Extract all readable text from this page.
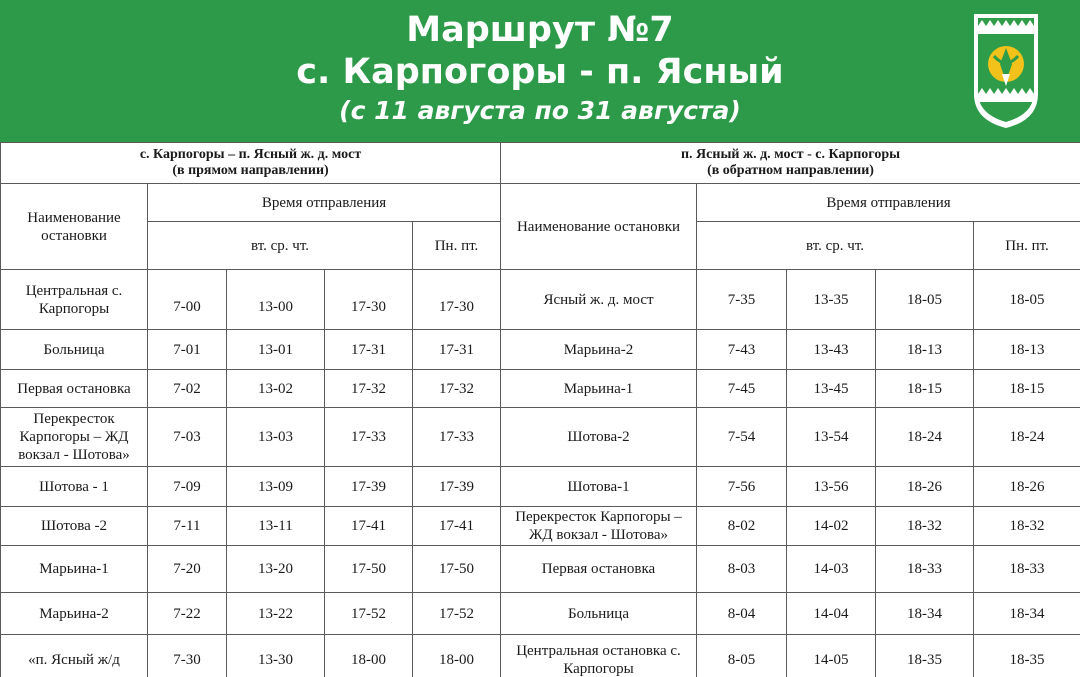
Маршрут №7
с. Карпогоры - п. Ясный
(с 11 августа по 31 августа)
с. Карпогоры – п. Ясный ж. д. мост
(в прямом направлении)				

Наименование остановки	Время отправления			
	вт. ср. чт.			Пн. пт.
Центральная с. Карпогоры	7-00	13-00	17-30	17-30
Больница	7-01	13-01	17-31	17-31
Первая остановка	7-02	13-02	17-32	17-32
Перекресток Карпогоры – ЖД вокзал - Шотова»	7-03	13-03	17-33	17-33
Шотова - 1	7-09	13-09	17-39	17-39
Шотова -2	7-11	13-11	17-41	17-41
Марьина-1	7-20	13-20	17-50	17-50
Марьина-2	7-22	13-22	17-52	17-52
«п. Ясный ж/д	7-30	13-30	18-00	18-00
п. Ясный ж. д. мост - с. Карпогоры
(в обратном направлении)				

Наименование остановки	Время отправления			
	вт. ср. чт.			Пн. пт.
Ясный ж. д. мост	7-35	13-35	18-05	18-05
Марьина-2	7-43	13-43	18-13	18-13
Марьина-1	7-45	13-45	18-15	18-15
Шотова-2	7-54	13-54	18-24	18-24
Шотова-1	7-56	13-56	18-26	18-26
Перекресток Карпогоры – ЖД вокзал - Шотова»	8-02	14-02	18-32	18-32
Первая остановка	8-03	14-03	18-33	18-33
Больница	8-04	14-04	18-34	18-34
Центральная остановка с. Карпогоры	8-05	14-05	18-35	18-35
